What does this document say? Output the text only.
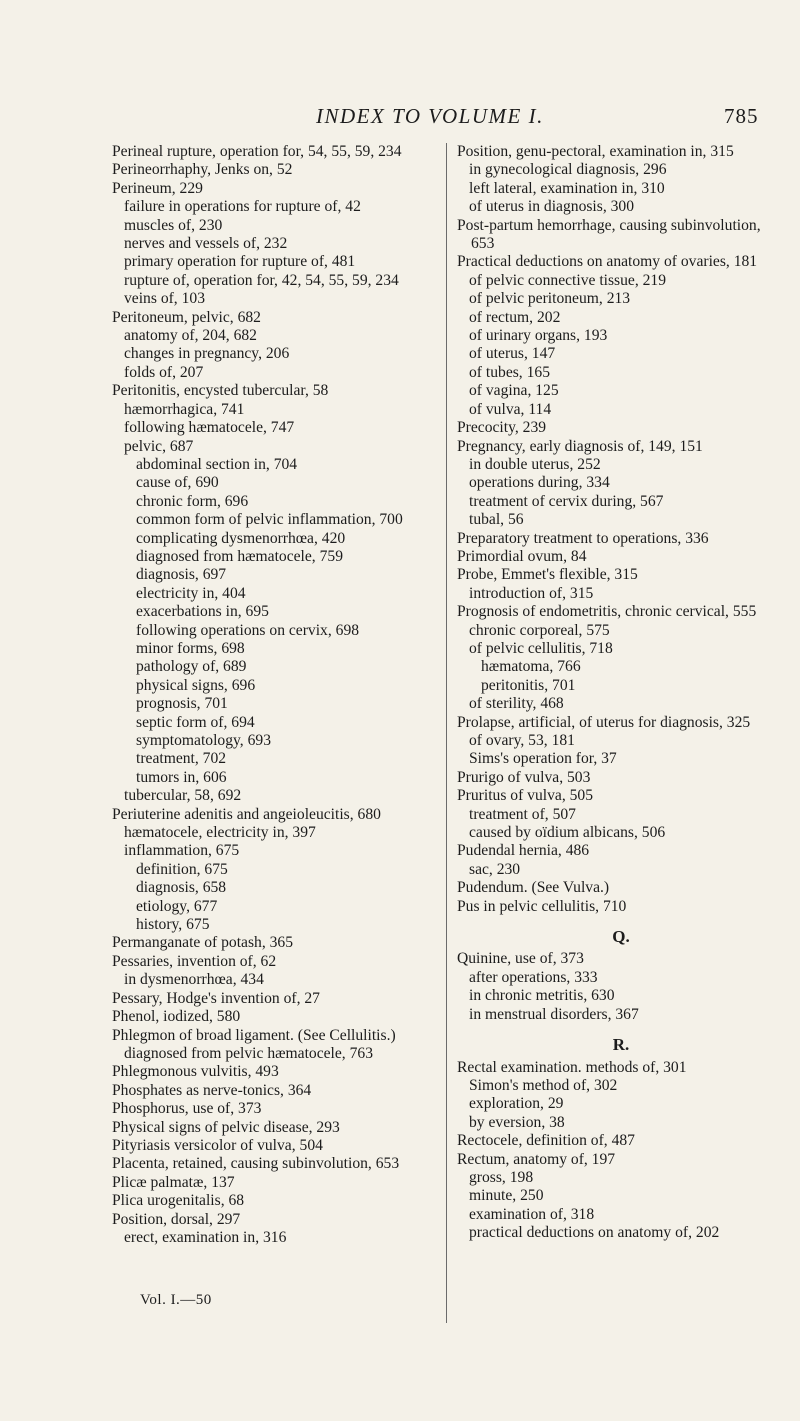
INDEX TO VOLUME I.	785
Perineal rupture, operation for, 54, 55, 59, 234
Perineorrhaphy, Jenks on, 52
Perineum, 229
failure in operations for rupture of, 42
muscles of, 230
nerves and vessels of, 232
primary operation for rupture of, 481
rupture of, operation for, 42, 54, 55, 59, 234
veins of, 103
Peritoneum, pelvic, 682
anatomy of, 204, 682
changes in pregnancy, 206
folds of, 207
Peritonitis, encysted tubercular, 58
hæmorrhagica, 741
following hæmatocele, 747
pelvic, 687
abdominal section in, 704
cause of, 690
chronic form, 696
common form of pelvic inflammation, 700
complicating dysmenorrhœa, 420
diagnosed from hæmatocele, 759
diagnosis, 697
electricity in, 404
exacerbations in, 695
following operations on cervix, 698
minor forms, 698
pathology of, 689
physical signs, 696
prognosis, 701
septic form of, 694
symptomatology, 693
treatment, 702
tumors in, 606
tubercular, 58, 692
Periuterine adenitis and angeioleucitis, 680
hæmatocele, electricity in, 397
inflammation, 675
definition, 675
diagnosis, 658
etiology, 677
history, 675
Permanganate of potash, 365
Pessaries, invention of, 62
in dysmenorrhœa, 434
Pessary, Hodge's invention of, 27
Phenol, iodized, 580
Phlegmon of broad ligament. (See Cellulitis.)
diagnosed from pelvic hæmatocele, 763
Phlegmonous vulvitis, 493
Phosphates as nerve-tonics, 364
Phosphorus, use of, 373
Physical signs of pelvic disease, 293
Pityriasis versicolor of vulva, 504
Placenta, retained, causing subinvolution, 653
Plicæ palmatæ, 137
Plica urogenitalis, 68
Position, dorsal, 297
erect, examination in, 316
Position, genu-pectoral, examination in, 315
in gynecological diagnosis, 296
left lateral, examination in, 310
of uterus in diagnosis, 300
Post-partum hemorrhage, causing subinvolution, 653
Practical deductions on anatomy of ovaries, 181
of pelvic connective tissue, 219
of pelvic peritoneum, 213
of rectum, 202
of urinary organs, 193
of uterus, 147
of tubes, 165
of vagina, 125
of vulva, 114
Precocity, 239
Pregnancy, early diagnosis of, 149, 151
in double uterus, 252
operations during, 334
treatment of cervix during, 567
tubal, 56
Preparatory treatment to operations, 336
Primordial ovum, 84
Probe, Emmet's flexible, 315
introduction of, 315
Prognosis of endometritis, chronic cervical, 555
chronic corporeal, 575
of pelvic cellulitis, 718
hæmatoma, 766
peritonitis, 701
of sterility, 468
Prolapse, artificial, of uterus for diagnosis, 325
of ovary, 53, 181
Sims's operation for, 37
Prurigo of vulva, 503
Pruritus of vulva, 505
treatment of, 507
caused by oïdium albicans, 506
Pudendal hernia, 486
sac, 230
Pudendum. (See Vulva.)
Pus in pelvic cellulitis, 710
Q.
Quinine, use of, 373
after operations, 333
in chronic metritis, 630
in menstrual disorders, 367
R.
Rectal examination. methods of, 301
Simon's method of, 302
exploration, 29
by eversion, 38
Rectocele, definition of, 487
Rectum, anatomy of, 197
gross, 198
minute, 250
examination of, 318
practical deductions on anatomy of, 202
Vol. I.—50
